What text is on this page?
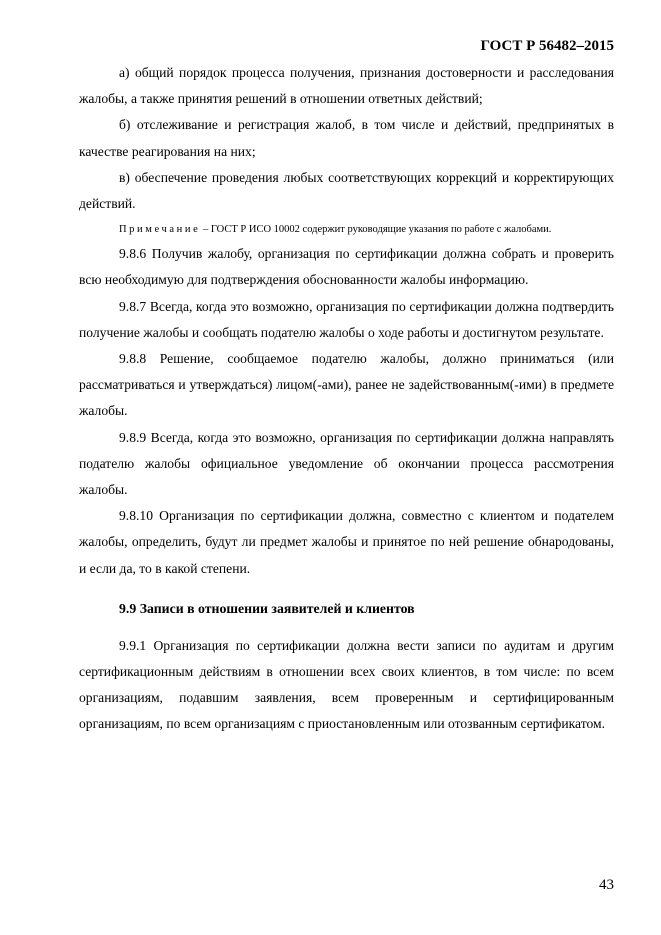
ГОСТ Р 56482–2015

а) общий порядок процесса получения, признания достоверности и расследования жалобы, а также принятия решений в отношении ответных действий;

б) отслеживание и регистрация жалоб, в том числе и действий, предпринятых в качестве реагирования на них;

в) обеспечение проведения любых соответствующих коррекций и корректирующих действий.

Примечание – ГОСТ Р ИСО 10002 содержит руководящие указания по работе с жалобами.

9.8.6 Получив жалобу, организация по сертификации должна собрать и проверить всю необходимую для подтверждения обоснованности жалобы информацию.

9.8.7 Всегда, когда это возможно, организация по сертификации должна подтвердить получение жалобы и сообщать подателю жалобы о ходе работы и достигнутом результате.

9.8.8 Решение, сообщаемое подателю жалобы, должно приниматься (или рассматриваться и утверждаться) лицом(-ами), ранее не задействованным(-ими) в предмете жалобы.

9.8.9 Всегда, когда это возможно, организация по сертификации должна направлять подателю жалобы официальное уведомление об окончании процесса рассмотрения жалобы.

9.8.10 Организация по сертификации должна, совместно с клиентом и подателем жалобы, определить, будут ли предмет жалобы и принятое по ней решение обнародованы, и если да, то в какой степени.

9.9 Записи в отношении заявителей и клиентов

9.9.1 Организация по сертификации должна вести записи по аудитам и другим сертификационным действиям в отношении всех своих клиентов, в том числе: по всем организациям, подавшим заявления, всем проверенным и сертифицированным организациям, по всем организациям с приостановленным или отозванным сертификатом.

43
